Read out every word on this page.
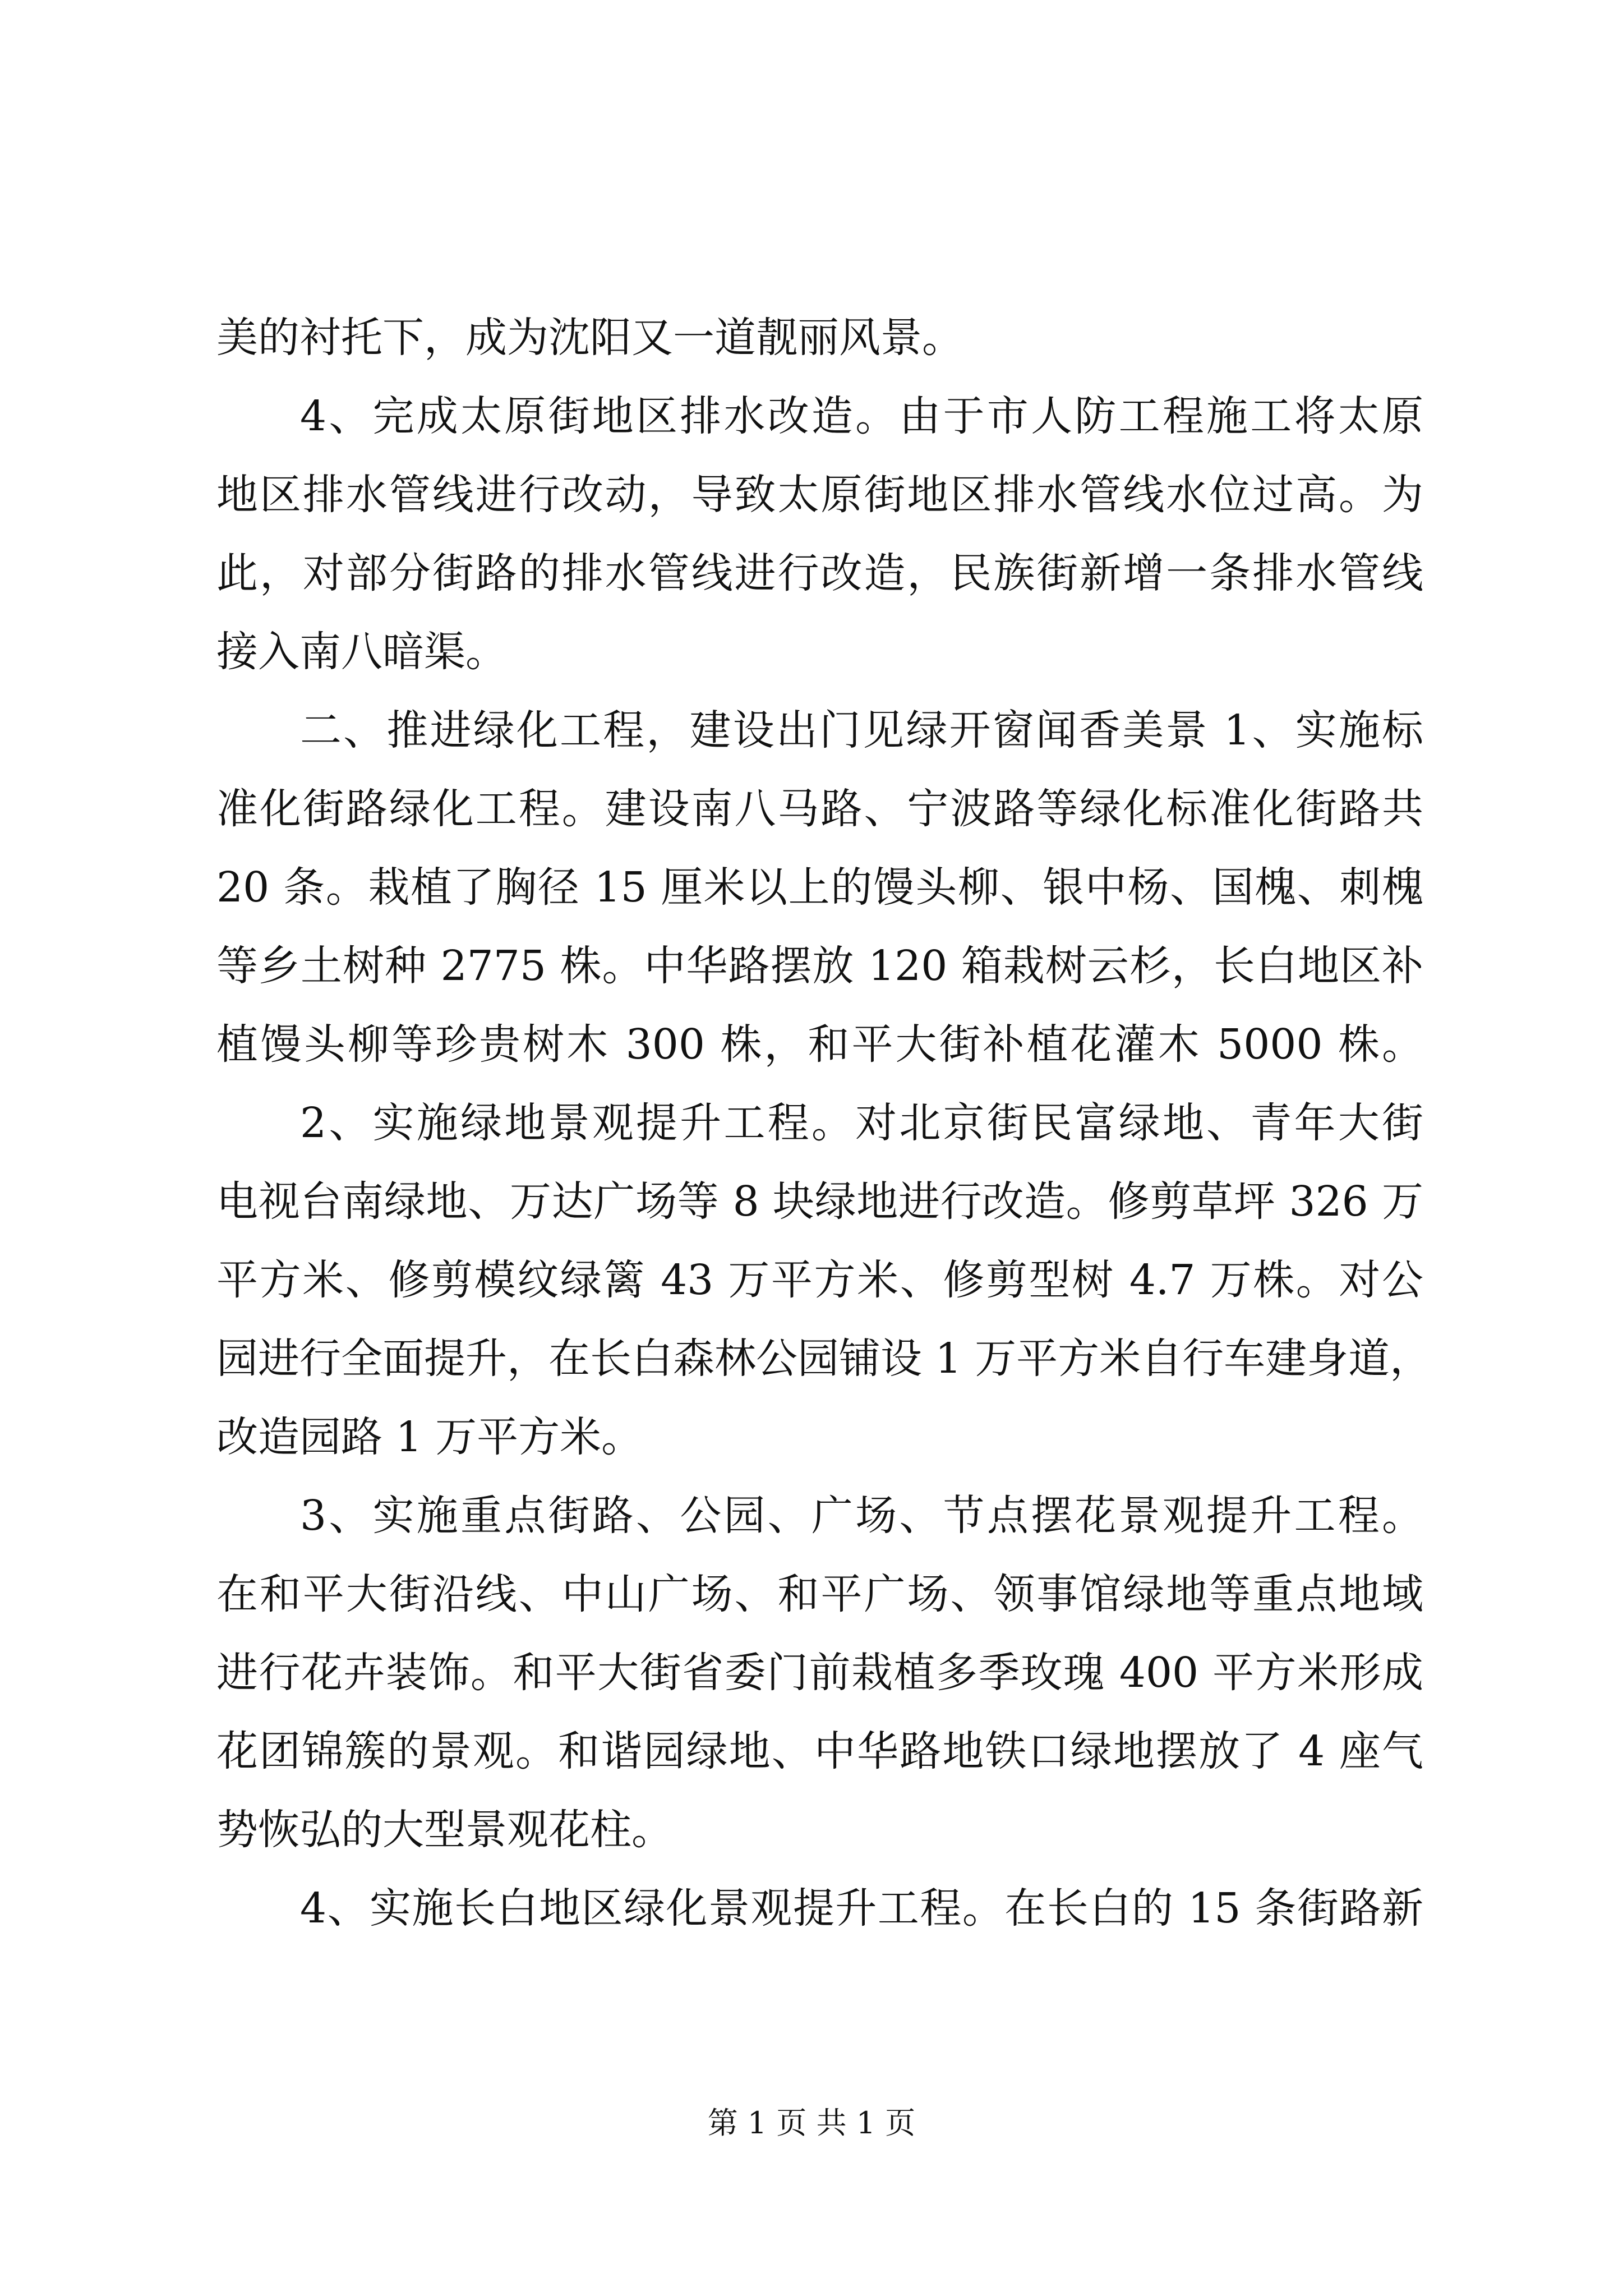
美的衬托下，成为沈阳又一道靓丽风景。
4、完成太原街地区排水改造。由于市人防工程施工将太原
地区排水管线进行改动，导致太原街地区排水管线水位过高。为
此，对部分街路的排水管线进行改造，民族街新增一条排水管线
接入南八暗渠。
二、推进绿化工程，建设出门见绿开窗闻香美景 1、实施标
准化街路绿化工程。建设南八马路、宁波路等绿化标准化街路共
20 条。栽植了胸径 15 厘米以上的馒头柳、银中杨、国槐、刺槐
等乡土树种 2775 株。中华路摆放 120 箱栽树云杉，长白地区补
植馒头柳等珍贵树木 300 株，和平大街补植花灌木 5000 株。
2、实施绿地景观提升工程。对北京街民富绿地、青年大街
电视台南绿地、万达广场等 8 块绿地进行改造。修剪草坪 326 万
平方米、修剪模纹绿篱 43 万平方米、修剪型树 4.7 万株。对公
园进行全面提升，在长白森林公园铺设 1 万平方米自行车建身道，
改造园路 1 万平方米。
3、实施重点街路、公园、广场、节点摆花景观提升工程。
在和平大街沿线、中山广场、和平广场、领事馆绿地等重点地域
进行花卉装饰。和平大街省委门前栽植多季玫瑰 400 平方米形成
花团锦簇的景观。和谐园绿地、中华路地铁口绿地摆放了 4 座气
势恢弘的大型景观花柱。
4、实施长白地区绿化景观提升工程。在长白的 15 条街路新
第 1 页 共 1 页
